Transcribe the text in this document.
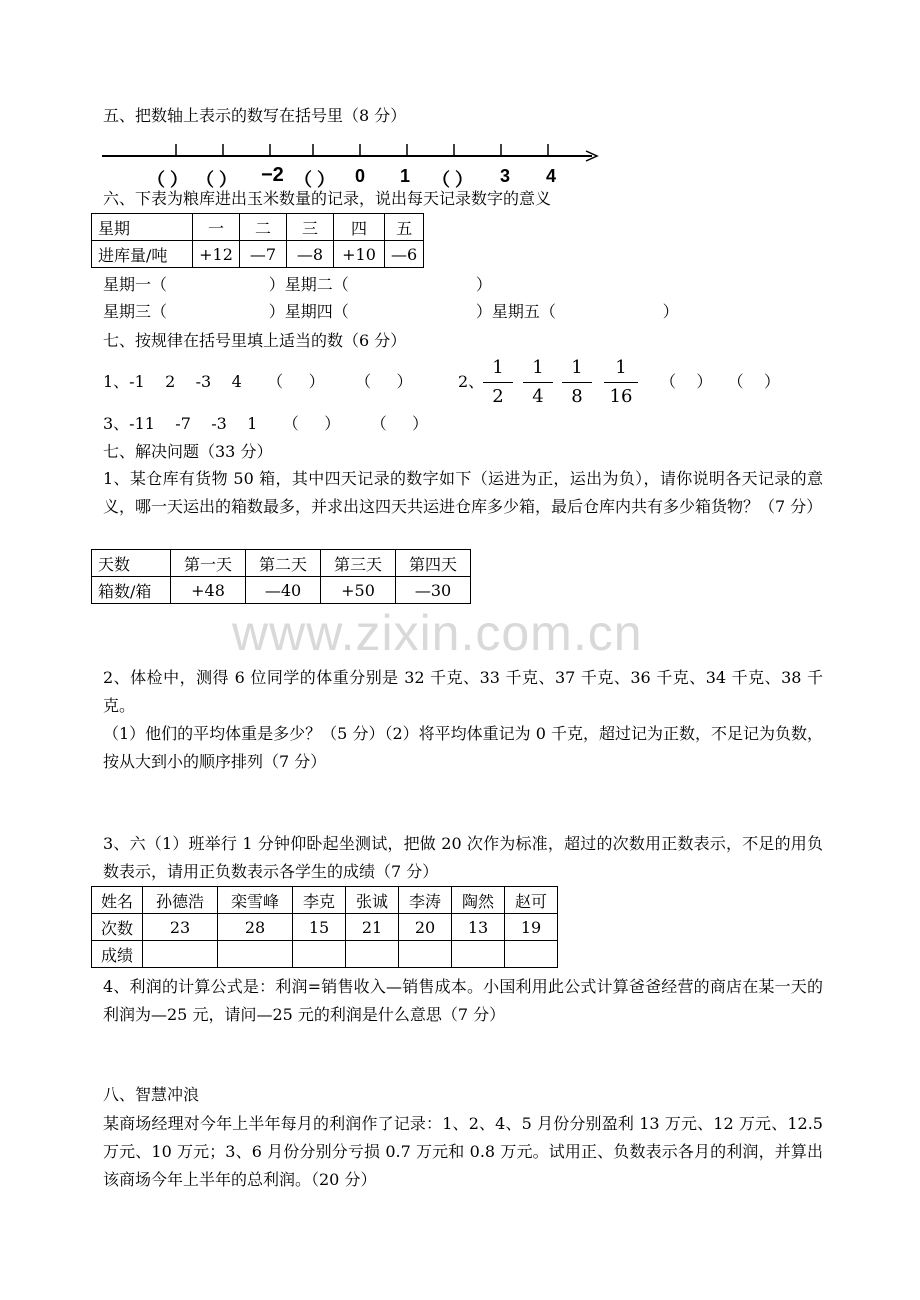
www.zixin.com.cn
五、把数轴上表示的数写在括号里（8 分）
（ ） （ ） −2 （ ） 0 1 （ ） 3 4
六、下表为粮库进出玉米数量的记录，说出每天记录数字的意义
星期	一	二	三	四	五
进库量/吨	+12	—7	—8	+10	—6
星期一（                    ）星期二（                         ）
星期三（                    ）星期四（                         ）星期五（                     ）
七、按规律在括号里填上适当的数（6 分）
1、-1    2    -3    4     （     ）      （     ）	2、
1
2
1
4
1
8
1
16
（    ）   （    ）
3、-11    -7    -3    1     （     ）      （     ）
七、解决问题（33 分）
1、某仓库有货物 50 箱，其中四天记录的数字如下（运进为正，运出为负），请你说明各天记录的意义，哪一天运出的箱数最多，并求出这四天共运进仓库多少箱，最后仓库内共有多少箱货物？（7 分）
天数	第一天	第二天	第三天	第四天
箱数/箱	+48	—40	+50	—30
2、体检中，测得 6 位同学的体重分别是 32 千克、33 千克、37 千克、36 千克、34 千克、38 千克。
（1）他们的平均体重是多少？（5 分）（2）将平均体重记为 0 千克，超过记为正数，不足记为负数，按从大到小的顺序排列（7 分）
3、六（1）班举行 1 分钟仰卧起坐测试，把做 20 次作为标准，超过的次数用正数表示，不足的用负数表示，请用正负数表示各学生的成绩（7 分）
姓名	孙德浩	栾雪峰	李克	张诚	李涛	陶然	赵可
次数	23	28	15	21	20	13	19
成绩							
4、利润的计算公式是：利润=销售收入—销售成本。小国利用此公式计算爸爸经营的商店在某一天的利润为—25 元，请问—25 元的利润是什么意思（7 分）
八、智慧冲浪
某商场经理对今年上半年每月的利润作了记录：1、2、4、5 月份分别盈利 13 万元、12 万元、12.5 万元、10 万元；3、6 月份分别分亏损 0.7 万元和 0.8 万元。试用正、负数表示各月的利润，并算出该商场今年上半年的总利润。（20 分）
